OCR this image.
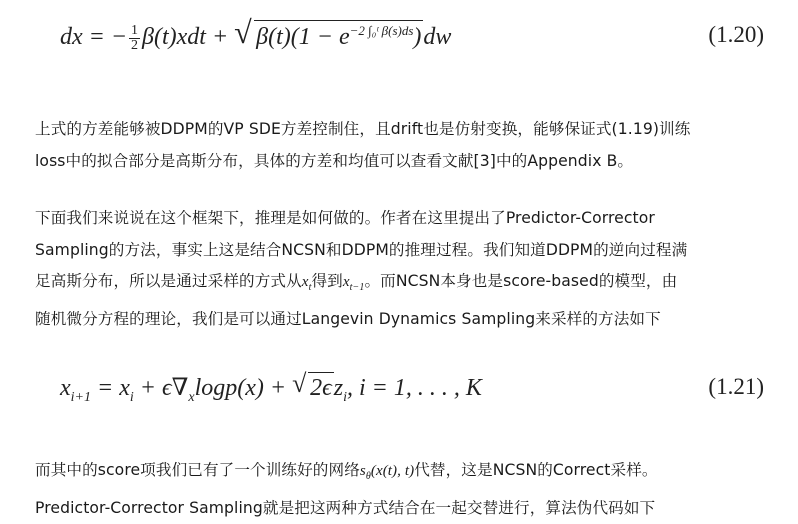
dx = − $\frac{1}{2} \beta(t)xdt$ + √ $\beta(t)(1 - e^{-2 \int_0ᵗ \beta(s)ds})dw$	(1.20)
上式的方差能够被DDPM的VP SDE方差控制住，且drift也是仿射变换，能够保证式(1.19)训练
loss中的拟合部分是高斯分布，具体的方差和均值可以查看文献[3]中的Appendix B。
下面我们来说说在这个框架下，推理是如何做的。作者在这里提出了Predictor-Corrector
Sampling的方法，事实上这是结合NCSN和DDPM的推理过程。我们知道DDPM的逆向过程满
足高斯分布，所以是通过采样的方式从$x_t$得到$x_{t-1}$。而NCSN本身也是score-based的模型，由
随机微分方程的理论，我们是可以通过Langevin Dynamics Sampling来采样的方法如下
$x_{i+1} = x_i + \epsilon\nabla_x\log p(x)$ + √ $2\epsilon z_i$, i = 1, . . . , K	(1.21)
而其中的score项我们已有了一个训练好的网络$s_\theta(x(t)$, t)代替，这是NCSN的Correct采样。
Predictor-Corrector Sampling就是把这两种方式结合在一起交替进行，算法伪代码如下
